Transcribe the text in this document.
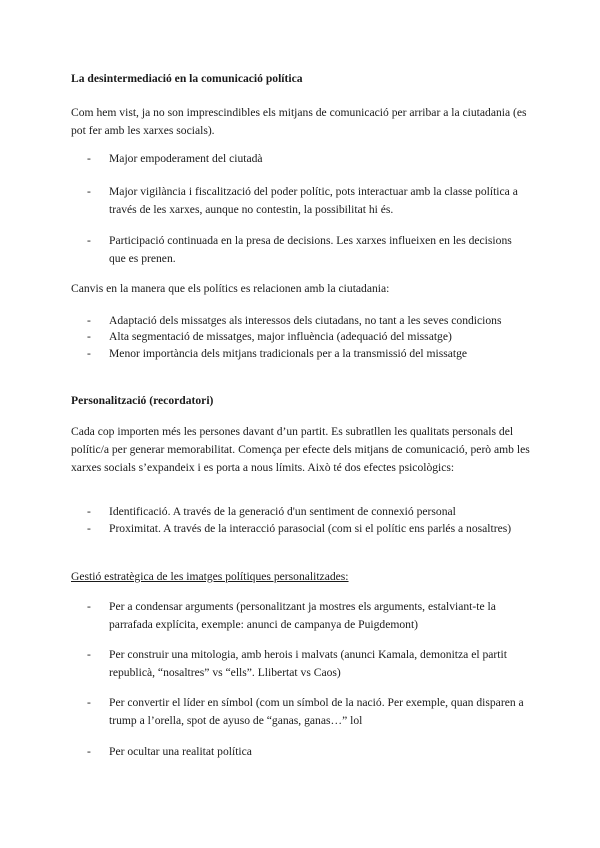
La desintermediació en la comunicació política

Com hem vist, ja no son imprescindibles els mitjans de comunicació per arribar a la ciutadania (es pot fer amb les xarxes socials).

- Major empoderament del ciutadà
- Major vigilància i fiscalització del poder polític, pots interactuar amb la classe política a través de les xarxes, aunque no contestin, la possibilitat hi és.
- Participació continuada en la presa de decisions. Les xarxes influeixen en les decisions que es prenen.

Canvis en la manera que els polítics es relacionen amb la ciutadania:

- Adaptació dels missatges als interessos dels ciutadans, no tant a les seves condicions
- Alta segmentació de missatges, major influència (adequació del missatge)
- Menor importància dels mitjans tradicionals per a la transmissió del missatge

Personalització (recordatori)

Cada cop importen més les persones davant d’un partit. Es subratllen les qualitats personals del polític/a per generar memorabilitat. Comença per efecte dels mitjans de comunicació, però amb les xarxes socials s’expandeix i es porta a nous límits. Això té dos efectes psicològics:

- Identificació. A través de la generació d'un sentiment de connexió personal
- Proximitat. A través de la interacció parasocial (com si el polític ens parlés a nosaltres)

Gestió estratègica de les imatges polítiques personalitzades:

- Per a condensar arguments (personalitzant ja mostres els arguments, estalviant-te la parrafada explícita, exemple: anunci de campanya de Puigdemont)
- Per construir una mitologia, amb herois i malvats (anunci Kamala, demonitza el partit republicà, “nosaltres” vs “ells”. Llibertat vs Caos)
- Per convertir el líder en símbol (com un símbol de la nació. Per exemple, quan disparen a trump a l’orella, spot de ayuso de “ganas, ganas…” lol
- Per ocultar una realitat política
